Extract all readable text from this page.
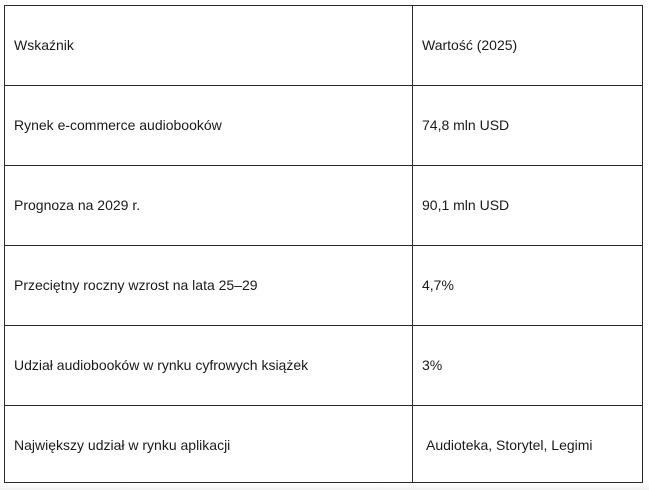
Wskaźnik	Wartość (2025)
Rynek e-commerce audiobooków	74,8 mln USD
Prognoza na 2029 r.	90,1 mln USD
Przeciętny roczny wzrost na lata 25–29	4,7%
Udział audiobooków w rynku cyfrowych książek	3%
Największy udział w rynku aplikacji	Audioteka, Storytel, Legimi
